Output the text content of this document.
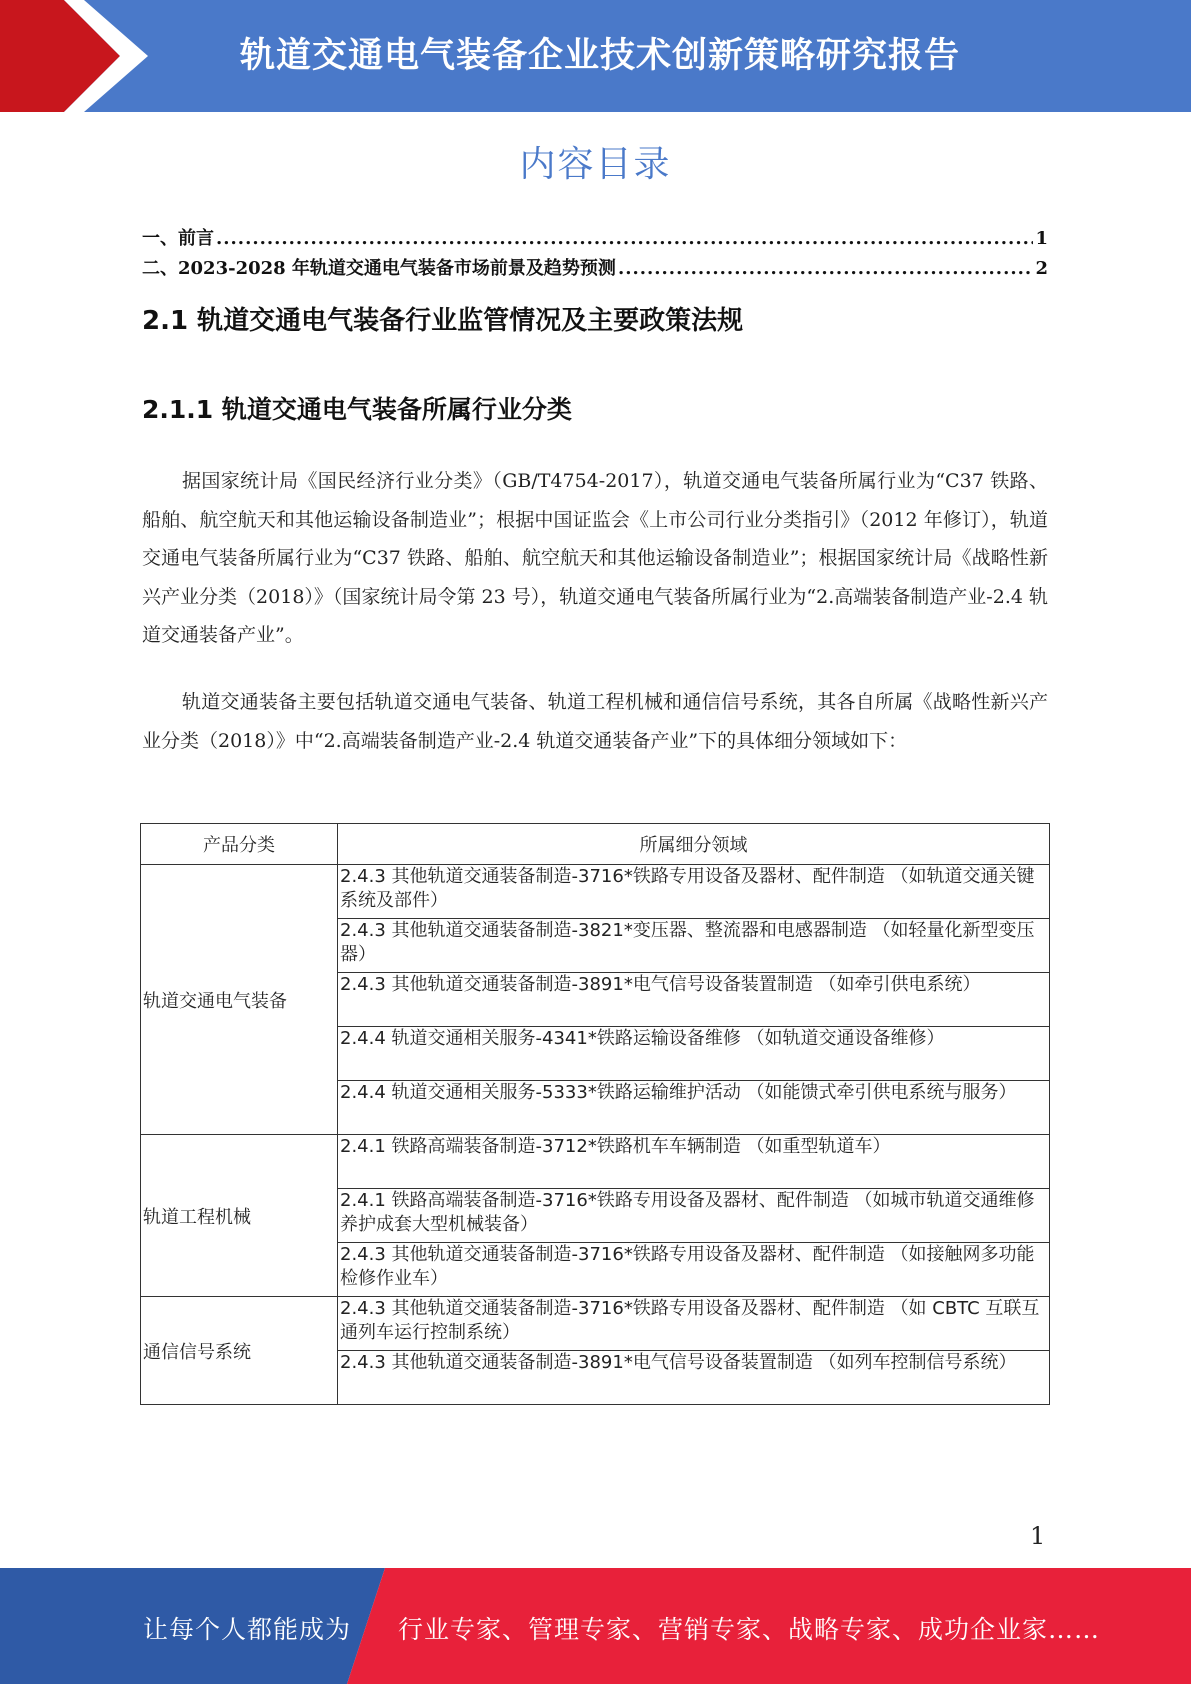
轨道交通电气装备企业技术创新策略研究报告
内容目录
一、前言 .....	1
二、2023-2028 年轨道交通电气装备市场前景及趋势预测 .....	2
2.1 轨道交通电气装备行业监管情况及主要政策法规
2.1.1 轨道交通电气装备所属行业分类

据国家统计局《国民经济行业分类》（GB/T4754-2017），轨道交通电气装备所属行业为“C37 铁路、船舶、航空航天和其他运输设备制造业”；根据中国证监会《上市公司行业分类指引》（2012 年修订），轨道交通电气装备所属行业为“C37 铁路、船舶、航空航天和其他运输设备制造业”；根据国家统计局《战略性新兴产业分类（2018）》（国家统计局令第 23 号），轨道交通电气装备所属行业为“2.高端装备制造产业-2.4 轨道交通装备产业”。

轨道交通装备主要包括轨道交通电气装备、轨道工程机械和通信信号系统，其各自所属《战略性新兴产业分类（2018）》中“2.高端装备制造产业-2.4 轨道交通装备产业”下的具体细分领域如下：

产品分类	所属细分领域
轨道交通电气装备	2.4.3 其他轨道交通装备制造-3716*铁路专用设备及器材、配件制造 （如轨道交通关键系统及部件）
	2.4.3 其他轨道交通装备制造-3821*变压器、整流器和电感器制造 （如轻量化新型变压器）
	2.4.3 其他轨道交通装备制造-3891*电气信号设备装置制造 （如牵引供电系统）
	2.4.4 轨道交通相关服务-4341*铁路运输设备维修 （如轨道交通设备维修）
	2.4.4 轨道交通相关服务-5333*铁路运输维护活动 （如能馈式牵引供电系统与服务）
轨道工程机械	2.4.1 铁路高端装备制造-3712*铁路机车车辆制造 （如重型轨道车）
	2.4.1 铁路高端装备制造-3716*铁路专用设备及器材、配件制造 （如城市轨道交通维修养护成套大型机械装备）
	2.4.3 其他轨道交通装备制造-3716*铁路专用设备及器材、配件制造 （如接触网多功能检修作业车）
通信信号系统	2.4.3 其他轨道交通装备制造-3716*铁路专用设备及器材、配件制造 （如 CBTC 互联互通列车运行控制系统）
	2.4.3 其他轨道交通装备制造-3891*电气信号设备装置制造 （如列车控制信号系统）
1
让每个人都能成为 行业专家、管理专家、营销专家、战略专家、成功企业家……
